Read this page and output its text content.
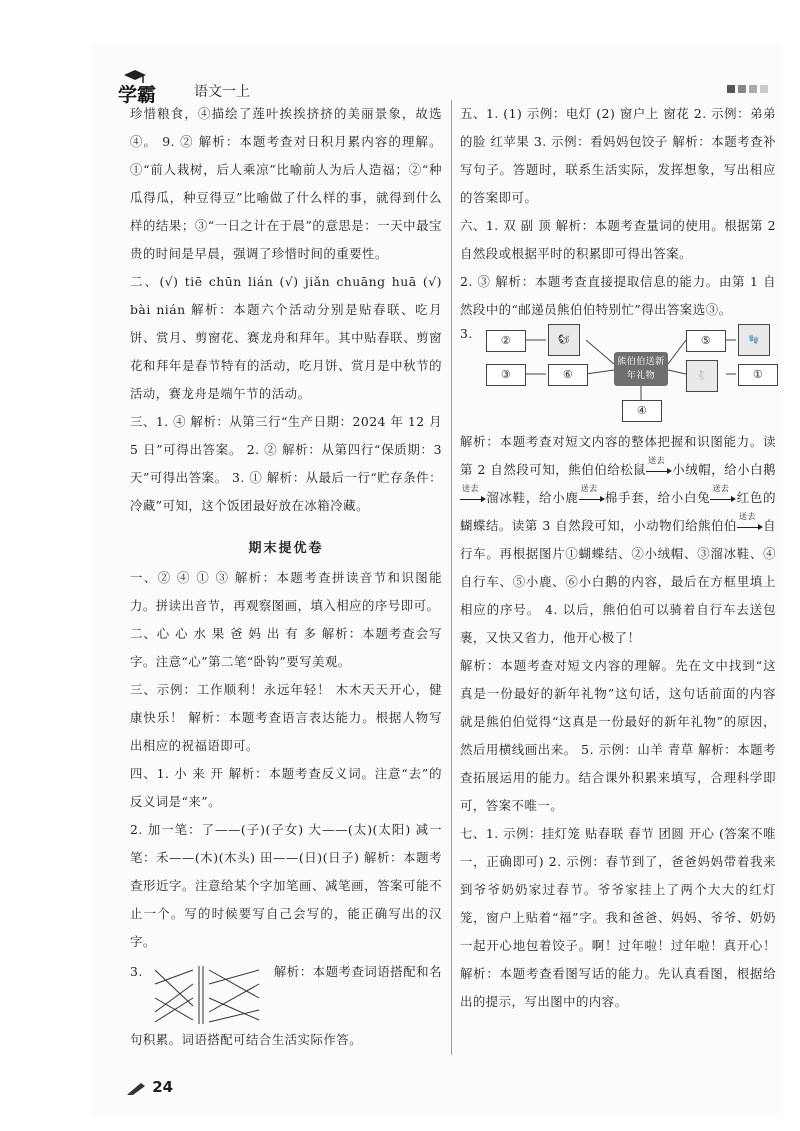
学霸	语文一上

珍惜粮食，④描绘了莲叶挨挨挤挤的美丽景象，故选④。 9. ② 解析：本题考查对日积月累内容的理解。①“前人栽树，后人乘凉”比喻前人为后人造福；②“种瓜得瓜，种豆得豆”比喻做了什么样的事，就得到什么样的结果；③“一日之计在于晨”的意思是：一天中最宝贵的时间是早晨，强调了珍惜时间的重要性。

二、(√) tiē chūn lián (√) jiǎn chuāng huā (√) bài nián 解析：本题六个活动分别是贴春联、吃月饼、赏月、剪窗花、赛龙舟和拜年。其中贴春联、剪窗花和拜年是春节特有的活动，吃月饼、赏月是中秋节的活动，赛龙舟是端午节的活动。

三、1. ④ 解析：从第三行“生产日期：2024 年 12 月 5 日”可得出答案。 2. ② 解析：从第四行“保质期：3 天”可得出答案。 3. ① 解析：从最后一行“贮存条件：冷藏”可知，这个饭团最好放在冰箱冷藏。

期末提优卷

一、② ④ ① ③ 解析：本题考查拼读音节和识图能力。拼读出音节，再观察图画，填入相应的序号即可。

二、心 心 水 果 爸 妈 出 有 多 解析：本题考查会写字。注意“心”第二笔“卧钩”要写美观。

三、示例：工作顺利！永远年轻！ 木木天天开心，健康快乐！ 解析：本题考查语言表达能力。根据人物写出相应的祝福语即可。

四、1. 小 来 开 解析：本题考查反义词。注意“去”的反义词是“来”。

2. 加一笔：了——(子)(子女) 大——(太)(太阳) 减一笔：禾——(木)(木头) 田——(日)(日子) 解析：本题考查形近字。注意给某个字加笔画、减笔画，答案可能不止一个。写的时候要写自己会写的，能正确写出的汉字。

3.	解析：本题考查词语搭配和名句积累。词语搭配可结合生活实际作答。

五、1. (1) 示例：电灯 (2) 窗户上 窗花 2. 示例：弟弟的脸 红苹果 3. 示例：看妈妈包饺子 解析：本题考查补写句子。答题时，联系生活实际，发挥想象，写出相应的答案即可。

六、1. 双 副 顶 解析：本题考查量词的使用。根据第 2 自然段或根据平时的积累即可得出答案。

2. ③ 解析：本题考查直接提取信息的能力。由第 1 自然段中的“邮递员熊伯伯特别忙”得出答案选③。

3.	②
③
🐿
⑥
熊伯伯送新年礼物
④
⑤	🧤
🐇	①

解析：本题考查对短文内容的整体把握和识图能力。读第 2 自然段可知，熊伯伯给松鼠
送去
小绒帽，给小白鹅
送去
溜冰鞋，给小鹿
送去
棉手套，给小白兔
送去
红色的蝴蝶结。读第 3 自然段可知，小动物们给熊伯伯
送去
自行车。再根据图片①蝴蝶结、②小绒帽、③溜冰鞋、④自行车、⑤小鹿、⑥小白鹅的内容，最后在方框里填上相应的序号。 4. 以后，熊伯伯可以骑着自行车去送包裹，又快又省力，他开心极了！

解析：本题考查对短文内容的理解。先在文中找到“这真是一份最好的新年礼物”这句话，这句话前面的内容就是熊伯伯觉得“这真是一份最好的新年礼物”的原因，然后用横线画出来。 5. 示例：山羊 青草 解析：本题考查拓展运用的能力。结合课外积累来填写，合理科学即可，答案不唯一。

七、1. 示例：挂灯笼 贴春联 春节 团圆 开心 (答案不唯一，正确即可) 2. 示例：春节到了，爸爸妈妈带着我来到爷爷奶奶家过春节。爷爷家挂上了两个大大的红灯笼，窗户上贴着“福”字。我和爸爸、妈妈、爷爷、奶奶一起开心地包着饺子。啊！过年啦！过年啦！真开心！ 解析：本题考查看图写话的能力。先认真看图，根据给出的提示，写出图中的内容。

24
